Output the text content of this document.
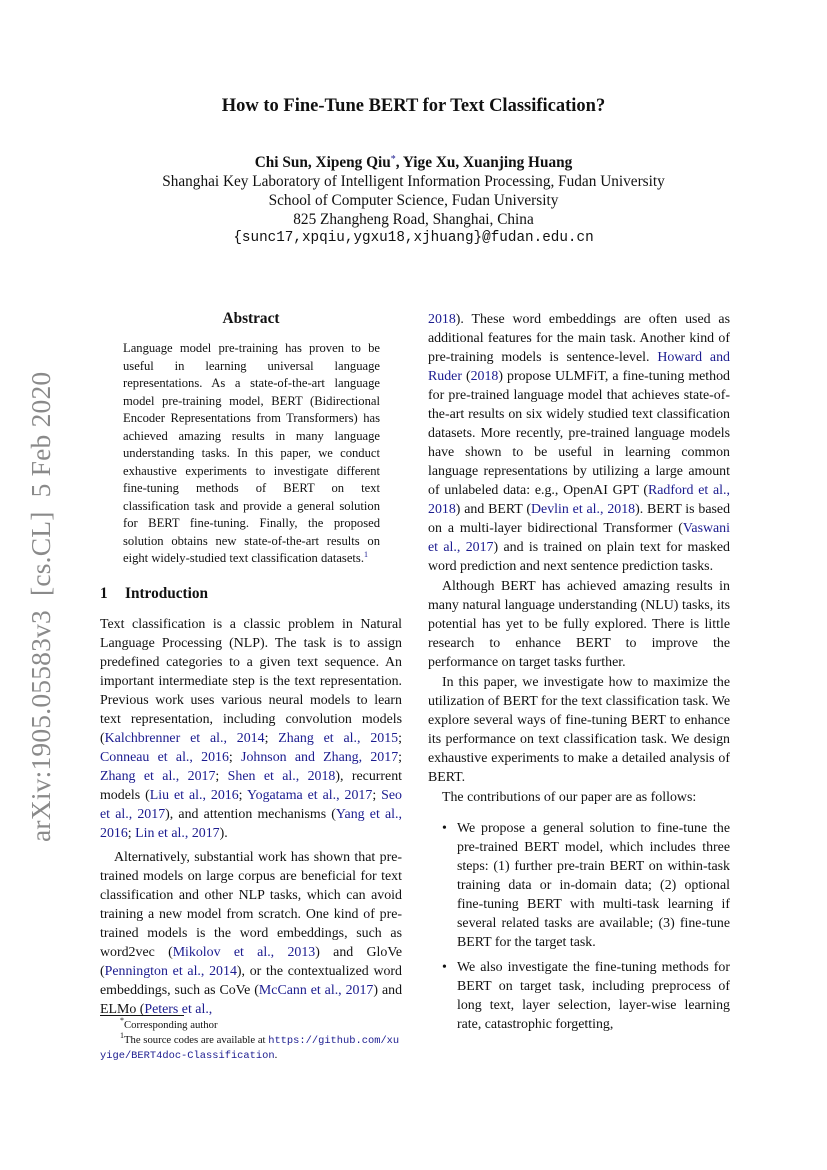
arXiv:1905.05583v3[cs.CL]5 Feb 2020
How to Fine-Tune BERT for Text Classification?
Chi Sun, Xipeng Qiu*, Yige Xu, Xuanjing Huang
Shanghai Key Laboratory of Intelligent Information Processing, Fudan University
School of Computer Science, Fudan University
825 Zhangheng Road, Shanghai, China
{sunc17,xpqiu,ygxu18,xjhuang}@fudan.edu.cn
Abstract
Language model pre-training has proven to be useful in learning universal language representations. As a state-of-the-art language model pre-training model, BERT (Bidirectional Encoder Representations from Transformers) has achieved amazing results in many language understanding tasks. In this paper, we conduct exhaustive experiments to investigate different fine-tuning methods of BERT on text classification task and provide a general solution for BERT fine-tuning. Finally, the proposed solution obtains new state-of-the-art results on eight widely-studied text classification datasets.$^1$
1 Introduction

Text classification is a classic problem in Natural Language Processing (NLP). The task is to assign predefined categories to a given text sequence. An important intermediate step is the text representation. Previous work uses various neural models to learn text representation, including convolution models (Kalchbrenner et al., 2014; Zhang et al., 2015; Conneau et al., 2016; Johnson and Zhang, 2017; Zhang et al., 2017; Shen et al., 2018), recurrent models (Liu et al., 2016; Yogatama et al., 2017; Seo et al., 2017), and attention mechanisms (Yang et al., 2016; Lin et al., 2017).

Alternatively, substantial work has shown that pre-trained models on large corpus are beneficial for text classification and other NLP tasks, which can avoid training a new model from scratch. One kind of pre-trained models is the word embeddings, such as word2vec (Mikolov et al., 2013) and GloVe (Pennington et al., 2014), or the contextualized word embeddings, such as CoVe (McCann et al., 2017) and ELMo (Peters et al.,

*Corresponding author

$^1$The source codes are available at https://github.com/xuyige/BERT4doc-Classification.

2018). These word embeddings are often used as additional features for the main task. Another kind of pre-training models is sentence-level. Howard and Ruder (2018) propose ULMFiT, a fine-tuning method for pre-trained language model that achieves state-of-the-art results on six widely studied text classification datasets. More recently, pre-trained language models have shown to be useful in learning common language representations by utilizing a large amount of unlabeled data: e.g., OpenAI GPT (Radford et al., 2018) and BERT (Devlin et al., 2018). BERT is based on a multi-layer bidirectional Transformer (Vaswani et al., 2017) and is trained on plain text for masked word prediction and next sentence prediction tasks.

Although BERT has achieved amazing results in many natural language understanding (NLU) tasks, its potential has yet to be fully explored. There is little research to enhance BERT to improve the performance on target tasks further.

In this paper, we investigate how to maximize the utilization of BERT for the text classification task. We explore several ways of fine-tuning BERT to enhance its performance on text classification task. We design exhaustive experiments to make a detailed analysis of BERT.

The contributions of our paper are as follows:

• We propose a general solution to fine-tune the pre-trained BERT model, which includes three steps: (1) further pre-train BERT on within-task training data or in-domain data; (2) optional fine-tuning BERT with multi-task learning if several related tasks are available; (3) fine-tune BERT for the target task.
• We also investigate the fine-tuning methods for BERT on target task, including preprocess of long text, layer selection, layer-wise learning rate, catastrophic forgetting,
